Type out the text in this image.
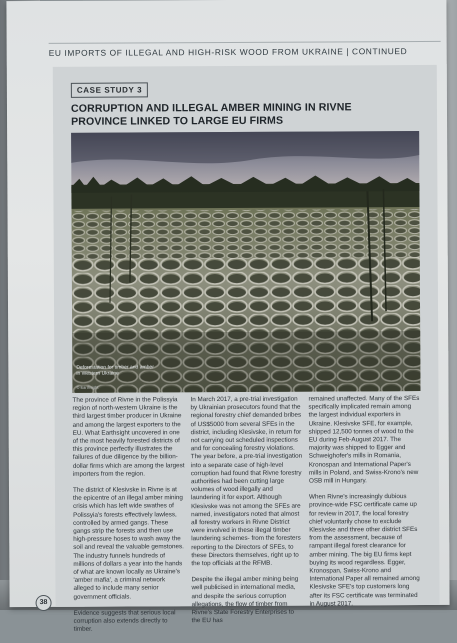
EU IMPORTS OF ILLEGAL AND HIGH-RISK WOOD FROM UKRAINE | CONTINUED
CASE STUDY 3
CORRUPTION AND ILLEGAL AMBER MINING IN RIVNE PROVINCE LINKED TO LARGE EU FIRMS
Deforestation for timber and amber in Western Ukraine
© Earthsight

The province of Rivne in the Polissyia region of north-western Ukraine is the third largest timber producer in Ukraine and among the largest exporters to the EU. What Earthsight uncovered in one of the most heavily forested districts of this province perfectly illustrates the failures of due diligence by the billion-dollar firms which are among the largest importers from the region.

The district of Klesivske in Rivne is at the epicentre of an illegal amber mining crisis which has left wide swathes of Polissyia's forests effectively lawless, controlled by armed gangs. These gangs strip the forests and then use high-pressure hoses to wash away the soil and reveal the valuable gemstones. The industry funnels hundreds of millions of dollars a year into the hands of what are known locally as Ukraine's 'amber mafia', a criminal network alleged to include many senior government officials.

Evidence suggests that serious local corruption also extends directly to timber.

In March 2017, a pre-trial investigation by Ukrainian prosecutors found that the regional forestry chief demanded bribes of US$5000 from several SFEs in the district, including Klesivske, in return for not carrying out scheduled inspections and for concealing forestry violations. The year before, a pre-trial investigation into a separate case of high-level corruption had found that Rivne forestry authorities had been cutting large volumes of wood illegally and laundering it for export. Although Klesivske was not among the SFEs are named, investigators noted that almost all forestry workers in Rivne District were involved in these illegal timber laundering schemes- from the foresters reporting to the Directors of SFEs, to these Directors themselves, right up to the top officials at the RFMB.

Despite the illegal amber mining being well publicised in international media, and despite the serious corruption allegations, the flow of timber from Rivne's State Forestry Enterprises to the EU has

remained unaffected. Many of the SFEs specifically implicated remain among the largest individual exporters in Ukraine. Klesivske SFE, for example, shipped 12,500 tonnes of wood to the EU during Feb-August 2017. The majority was shipped to Egger and Schweighofer's mills in Romania, Kronospan and International Paper's mills in Poland, and Swiss-Krono's new OSB mill in Hungary.

When Rivne's increasingly dubious province-wide FSC certificate came up for review in 2017, the local forestry chief voluntarily chose to exclude Klesivske and three other district SFEs from the assessment, because of rampant illegal forest clearance for amber mining. The big EU firms kept buying its wood regardless. Egger, Kronospan, Swiss-Krono and International Paper all remained among Klesivske SFE's top customers long after its FSC certificate was terminated in August 2017.

38
